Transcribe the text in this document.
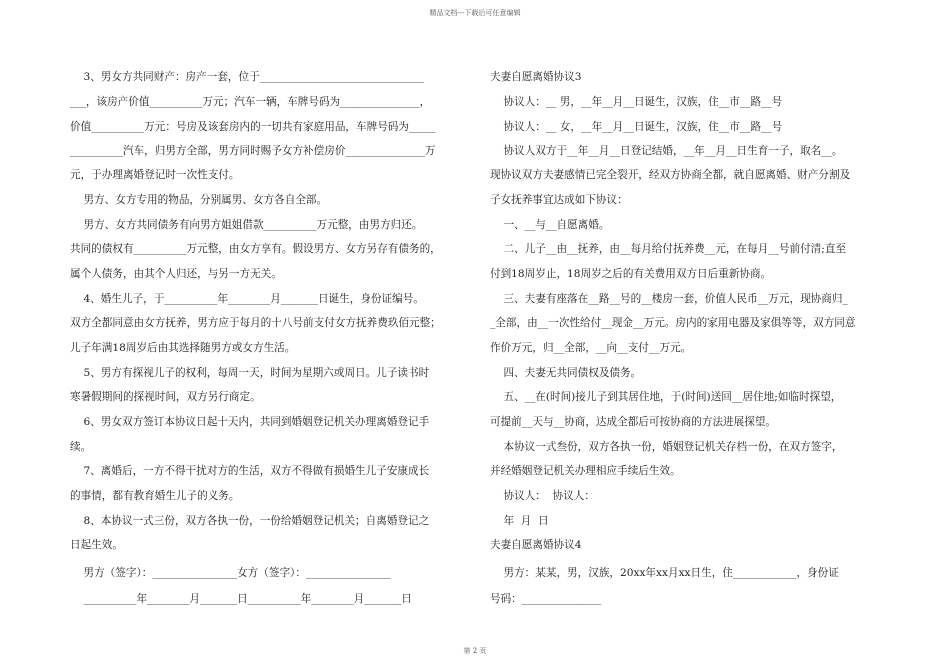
精品文档---下载后可任意编辑
3、男女方共同财产：房产一套，位于_______________________________
___，该房产价值__________万元；汽车一辆，车牌号码为_______________，
价值__________万元：号房及该套房内的一切共有家庭用品，车牌号码为_____
__________汽车，归男方全部，男方同时赐予女方补偿房价_______________万
元，于办理离婚登记时一次性支付。
男方、女方专用的物品，分别属男、女方各自全部。
男方、女方共同债务有向男方姐姐借款__________万元整，由男方归还。
共同的债权有__________万元整，由女方享有。假设男方、女方另存有债务的，
属个人债务，由其个人归还，与另一方无关。
4、婚生儿子，于__________年________月_______日诞生，身份证编号。
双方全都同意由女方抚养，男方应于每月的十八号前支付女方抚养费玖佰元整；
儿子年满18周岁后由其选择随男方或女方生活。
5、男方有探视儿子的权利，每周一天，时间为星期六或周日。儿子读书时
寒暑假期间的探视时间，双方另行商定。
6、男女双方签订本协议日起十天内，共同到婚姻登记机关办理离婚登记手
续。
7、离婚后，一方不得干扰对方的生活，双方不得做有损婚生儿子安康成长
的事情，都有教育婚生儿子的义务。
8、本协议一式三份，双方各执一份，一份给婚姻登记机关；自离婚登记之
日起生效。
男方（签字）：________________女方（签字）：________________
__________年________月_______日__________年________月_______日
夫妻自愿离婚协议3
协议人：__ 男，__年__月__日诞生，汉族，住__市__路__号
协议人：__ 女，__年__月__日诞生，汉族，住__市__路__号
协议人双方于__年__月__日登记结婚，__年__月__日生育一子，取名__。
现协议双方夫妻感情已完全裂开，经双方协商全都，就自愿离婚、财产分割及
子女抚养事宜达成如下协议：
一、__与__自愿离婚。
二、儿子__由__抚养，由__每月给付抚养费__元，在每月__号前付清;直至
付到18周岁止，18周岁之后的有关费用双方日后重新协商。
三、夫妻有座落在__路__号的__楼房一套，价值人民币__万元，现协商归_
_全部，由__一次性给付__现金__万元。房内的家用电器及家俱等等，双方同意
作价万元，归__全部，__向__支付__万元。
四、夫妻无共同债权及债务。
五、__在(时间)接儿子到其居住地，于(时间)送回__居住地;如临时探望，
可提前__天与__协商，达成全都后可按协商的方法进展探望。
本协议一式叁份，双方各执一份，婚姻登记机关存档一份，在双方签字，
并经婚姻登记机关办理相应手续后生效。
协议人：  协议人：
年  月  日
夫妻自愿离婚协议4
男方：某某，男，汉族，20xx年xx月xx日生，住____________，身份证
号码：_______________
第 2 页
